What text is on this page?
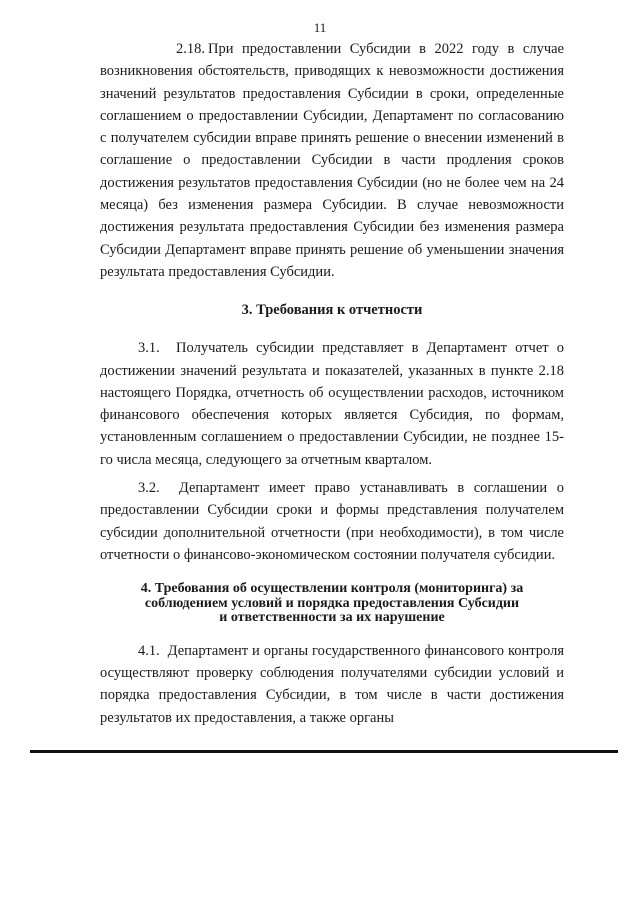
11

2.18. При предоставлении Субсидии в 2022 году в случае возникновения обстоятельств, приводящих к невозможности достижения значений результатов предоставления Субсидии в сроки, определенные соглашением о предоставлении Субсидии, Департамент по согласованию с получателем субсидии вправе принять решение о внесении изменений в соглашение о предоставлении Субсидии в части продления сроков достижения результатов предоставления Субсидии (но не более чем на 24 месяца) без изменения размера Субсидии. В случае невозможности достижения результата предоставления Субсидии без изменения размера Субсидии Департамент вправе принять решение об уменьшении значения результата предоставления Субсидии.

3. Требования к отчетности

3.1. Получатель субсидии представляет в Департамент отчет о достижении значений результата и показателей, указанных в пункте 2.18 настоящего Порядка, отчетность об осуществлении расходов, источником финансового обеспечения которых является Субсидия, по формам, установленным соглашением о предоставлении Субсидии, не позднее 15-го числа месяца, следующего за отчетным кварталом.

3.2. Департамент имеет право устанавливать в соглашении о предоставлении Субсидии сроки и формы представления получателем субсидии дополнительной отчетности (при необходимости), в том числе отчетности о финансово-экономическом состоянии получателя субсидии.

4. Требования об осуществлении контроля (мониторинга) за
соблюдением условий и порядка предоставления Субсидии
и ответственности за их нарушение

4.1. Департамент и органы государственного финансового контроля осуществляют проверку соблюдения получателями субсидии условий и порядка предоставления Субсидии, в том числе в части достижения результатов их предоставления, а также органы
